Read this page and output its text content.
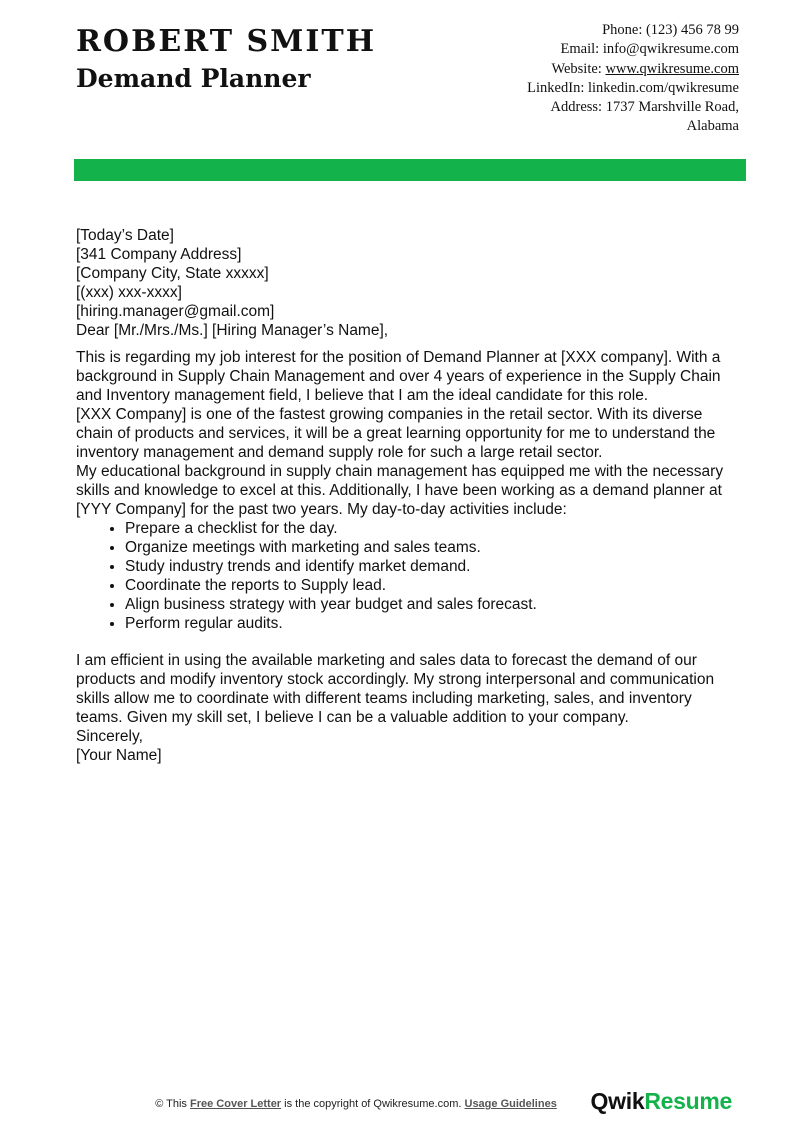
ROBERT SMITH
Demand Planner
Phone: (123) 456 78 99
Email: info@qwikresume.com
Website: www.qwikresume.com
LinkedIn: linkedin.com/qwikresume
Address: 1737 Marshville Road,
Alabama

[Today’s Date]

[341 Company Address]
[Company City, State xxxxx]
[(xxx) xxx-xxxx]
[hiring.manager@gmail.com]

Dear [Mr./Mrs./Ms.] [Hiring Manager’s Name],

This is regarding my job interest for the position of Demand Planner at [XXX company]. With a background in Supply Chain Management and over 4 years of experience in the Supply Chain and Inventory management field, I believe that I am the ideal candidate for this role.

[XXX Company] is one of the fastest growing companies in the retail sector. With its diverse chain of products and services, it will be a great learning opportunity for me to understand the inventory management and demand supply role for such a large retail sector.

My educational background in supply chain management has equipped me with the necessary skills and knowledge to excel at this. Additionally, I have been working as a demand planner at [YYY Company] for the past two years. My day-to-day activities include:

• Prepare a checklist for the day.
• Organize meetings with marketing and sales teams.
• Study industry trends and identify market demand.
• Coordinate the reports to Supply lead.
• Align business strategy with year budget and sales forecast.
• Perform regular audits.

I am efficient in using the available marketing and sales data to forecast the demand of our products and modify inventory stock accordingly. My strong interpersonal and communication skills allow me to coordinate with different teams including marketing, sales, and inventory teams. Given my skill set, I believe I can be a valuable addition to your company.

Sincerely,
[Your Name]

© This Free Cover Letter is the copyright of Qwikresume.com. Usage Guidelines	QwikResume
